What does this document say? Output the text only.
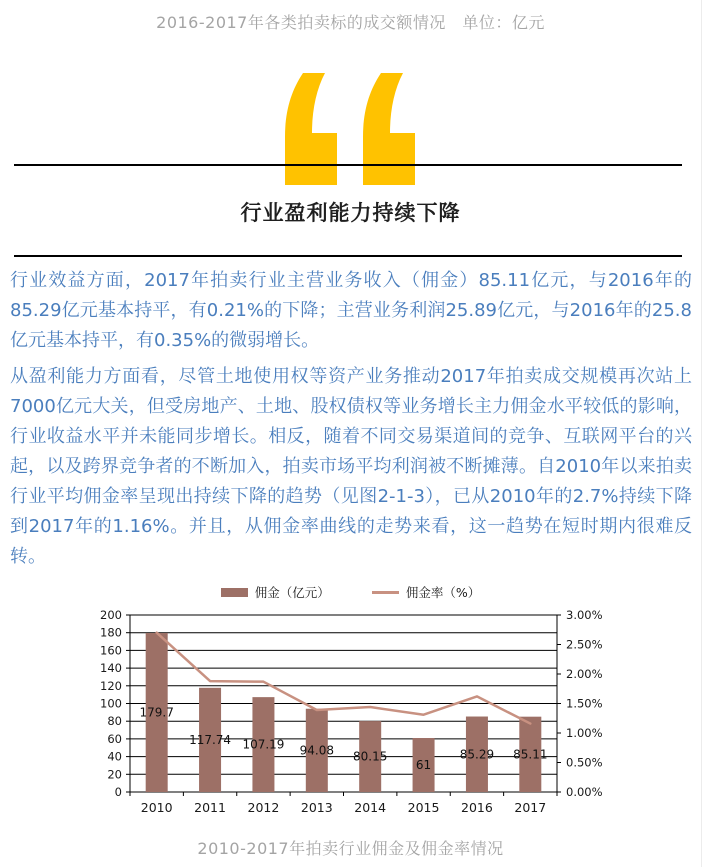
2016-2017年各类拍卖标的成交额情况　单位：亿元
行业盈利能力持续下降

行业效益方面，2017年拍卖行业主营业务收入（佣金）85.11亿元，与2016年的85.29亿元基本持平，有0.21%的下降；主营业务利润25.89亿元，与2016年的25.8亿元基本持平，有0.35%的微弱增长。

从盈利能力方面看，尽管土地使用权等资产业务推动2017年拍卖成交规模再次站上7000亿元大关，但受房地产、土地、股权债权等业务增长主力佣金水平较低的影响，行业收益水平并未能同步增长。相反，随着不同交易渠道间的竞争、互联网平台的兴起，以及跨界竞争者的不断加入，拍卖市场平均利润被不断摊薄。自2010年以来拍卖行业平均佣金率呈现出持续下降的趋势（见图2-1-3），已从2010年的2.7%持续下降到2017年的1.16%。并且，从佣金率曲线的走势来看，这一趋势在短时期内很难反转。

佣金（亿元）	佣金率（%）
0
20
40
60
80
100
120
140
160
180
200
0.00%
0.50%
1.00%
1.50%
2.00%
2.50%
3.00%
179.7
117.74 107.19 94.08 80.15
61
85.29 85.11
2010 2011 2012 2013 2014 2015 2016 2017
2010-2017年拍卖行业佣金及佣金率情况
